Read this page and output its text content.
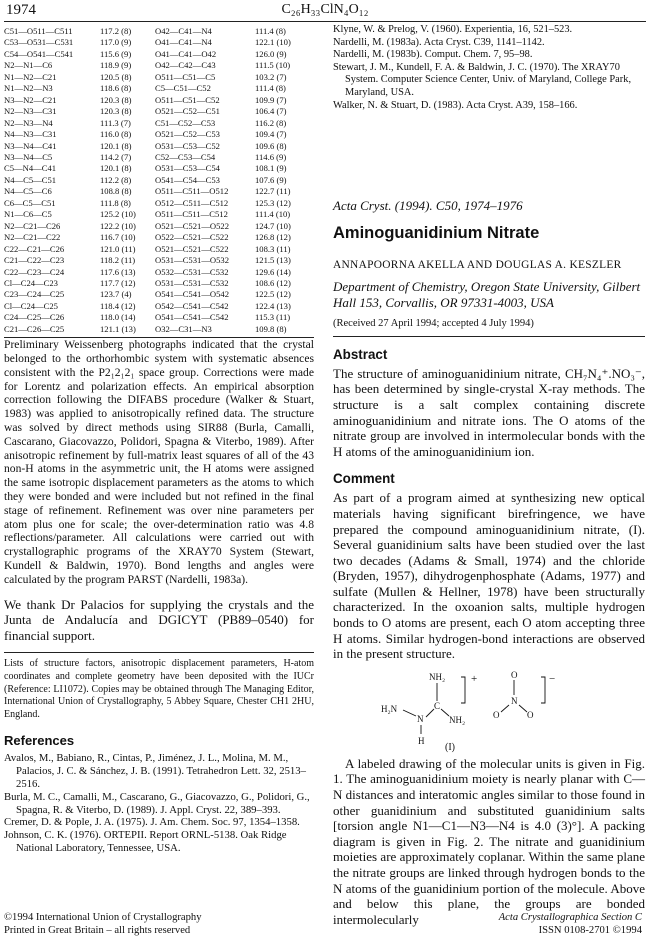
1974	C₂₆H₃₃ClN₄O₁₂
C51—O511—C511	117.2 (8)	O42—C41—N4	111.4 (8)
C53—O531—C531	117.0 (9)	O41—C41—N4	122.1 (10)
C54—O541—C541	115.6 (9)	O41—C41—O42	126.0 (9)
N2—N1—C6	118.9 (9)	O42—C42—C43	111.5 (10)
N1—N2—C21	120.5 (8)	O511—C51—C5	103.2 (7)
N1—N2—N3	118.6 (8)	C5—C51—C52	111.4 (8)
N3—N2—C21	120.3 (8)	O511—C51—C52	109.9 (7)
N2—N3—C31	120.3 (8)	O521—C52—C51	106.4 (7)
N2—N3—N4	111.3 (7)	C51—C52—C53	116.2 (8)
N4—N3—C31	116.0 (8)	O521—C52—C53	109.4 (7)
N3—N4—C41	120.1 (8)	O531—C53—C52	109.6 (8)
N3—N4—C5	114.2 (7)	C52—C53—C54	114.6 (9)
C5—N4—C41	120.1 (8)	O531—C53—C54	108.1 (9)
N4—C5—C51	112.2 (8)	O541—C54—C53	107.6 (9)
N4—C5—C6	108.8 (8)	O511—C511—O512	122.7 (11)
C6—C5—C51	111.8 (8)	O512—C511—C512	125.3 (12)
N1—C6—C5	125.2 (10)	O511—C511—C512	111.4 (10)
N2—C21—C26	122.2 (10)	O521—C521—O522	124.7 (10)
N2—C21—C22	116.7 (10)	O522—C521—C522	126.8 (12)
C22—C21—C26	121.0 (11)	O521—C521—C522	108.3 (11)
C21—C22—C23	118.2 (11)	O531—C531—O532	121.5 (13)
C22—C23—C24	117.6 (13)	O532—C531—C532	129.6 (14)
Cl—C24—C23	117.7 (12)	O531—C531—C532	108.6 (12)
C23—C24—C25	123.7 (4)	O541—C541—O542	122.5 (12)
Cl—C24—C25	118.4 (12)	O542—C541—C542	122.4 (13)
C24—C25—C26	118.0 (14)	O541—C541—C542	115.3 (11)
C21—C26—C25	121.1 (13)	O32—C31—N3	109.8 (8)

Preliminary Weissenberg photographs indicated that the crystal belonged to the orthorhombic system with systematic absences consistent with the P2₁2₁2₁ space group. Corrections were made for Lorentz and polarization effects. An empirical absorption correction following the DIFABS procedure (Walker & Stuart, 1983) was applied to anisotropically refined data. The structure was solved by direct methods using SIR88 (Burla, Camalli, Cascarano, Giacovazzo, Polidori, Spagna & Viterbo, 1989). After anisotropic refinement by full-matrix least squares of all of the 43 non-H atoms in the asymmetric unit, the H atoms were assigned the same isotropic displacement parameters as the atoms to which they were bonded and were included but not refined in the final stage of refinement. Refinement was over nine parameters per atom plus one for scale; the over-determination ratio was 4.8 reflections/parameter. All calculations were carried out with crystallographic programs of the XRAY70 System (Stewart, Kundell & Baldwin, 1970). Bond lengths and angles were calculated by the program PARST (Nardelli, 1983a).

We thank Dr Palacios for supplying the crystals and the Junta de Andalucía and DGICYT (PB89–0540) for financial support.

Lists of structure factors, anisotropic displacement parameters, H-atom coordinates and complete geometry have been deposited with the IUCr (Reference: LI1072). Copies may be obtained through The Managing Editor, International Union of Crystallography, 5 Abbey Square, Chester CH1 2HU, England.

References

Avalos, M., Babiano, R., Cintas, P., Jiménez, J. L., Molina, M. M., Palacios, J. C. & Sánchez, J. B. (1991). Tetrahedron Lett. 32, 2513–2516.

Burla, M. C., Camalli, M., Cascarano, G., Giacovazzo, G., Polidori, G., Spagna, R. & Viterbo, D. (1989). J. Appl. Cryst. 22, 389–393.

Cremer, D. & Pople, J. A. (1975). J. Am. Chem. Soc. 97, 1354–1358.

Johnson, C. K. (1976). ORTEPII. Report ORNL-5138. Oak Ridge National Laboratory, Tennessee, USA.

Klyne, W. & Prelog, V. (1960). Experientia, 16, 521–523.

Nardelli, M. (1983a). Acta Cryst. C39, 1141–1142.

Nardelli, M. (1983b). Comput. Chem. 7, 95–98.

Stewart, J. M., Kundell, F. A. & Baldwin, J. C. (1970). The XRAY70 System. Computer Science Center, Univ. of Maryland, College Park, Maryland, USA.

Walker, N. & Stuart, D. (1983). Acta Cryst. A39, 158–166.

Acta Cryst. (1994). C50, 1974–1976
Aminoguanidinium Nitrate
ANNAPOORNA AKELLA AND DOUGLAS A. KESZLER
Department of Chemistry, Oregon State University, Gilbert Hall 153, Corvallis, OR 97331-4003, USA
(Received 27 April 1994; accepted 4 July 1994)
Abstract

The structure of aminoguanidinium nitrate, CH₇N₄⁺.NO₃⁻, has been determined by single-crystal X-ray methods. The structure is a salt complex containing discrete aminoguanidinium and nitrate ions. The O atoms of the nitrate group are involved in intermolecular bonds with the H atoms of the aminoguanidinium ion.

Comment

As part of a program aimed at synthesizing new optical materials having significant birefringence, we have prepared the compound aminoguanidinium nitrate, (I). Several guanidinium salts have been studied over the last two decades (Adams & Small, 1974) and the chloride (Bryden, 1957), dihydrogenphosphate (Adams, 1977) and sulfate (Mullen & Hellner, 1978) have been structurally characterized. In the oxoanion salts, multiple hydrogen bonds to O atoms are present, each O atom accepting three H atoms. Similar hydrogen-bond interactions are observed in the present structure.

NH₂
H₂N
N
C
NH₂
H
+	O
N
O	O
−
(I)

A labeled drawing of the molecular units is given in Fig. 1. The aminoguanidinium moiety is nearly planar with C—N distances and interatomic angles similar to those found in other guanidinium and substituted guanidinium salts [torsion angle N1—C1—N3—N4 is 4.0 (3)°]. A packing diagram is given in Fig. 2. The nitrate and guanidinium moieties are approximately coplanar. Within the same plane the nitrate groups are linked through hydrogen bonds to the N atoms of the guanidinium portion of the molecule. Above and below this plane, the groups are bonded intermolecularly

©1994 International Union of Crystallography
Printed in Great Britain – all rights reserved
Acta Crystallographica Section C
ISSN 0108-2701 ©1994
